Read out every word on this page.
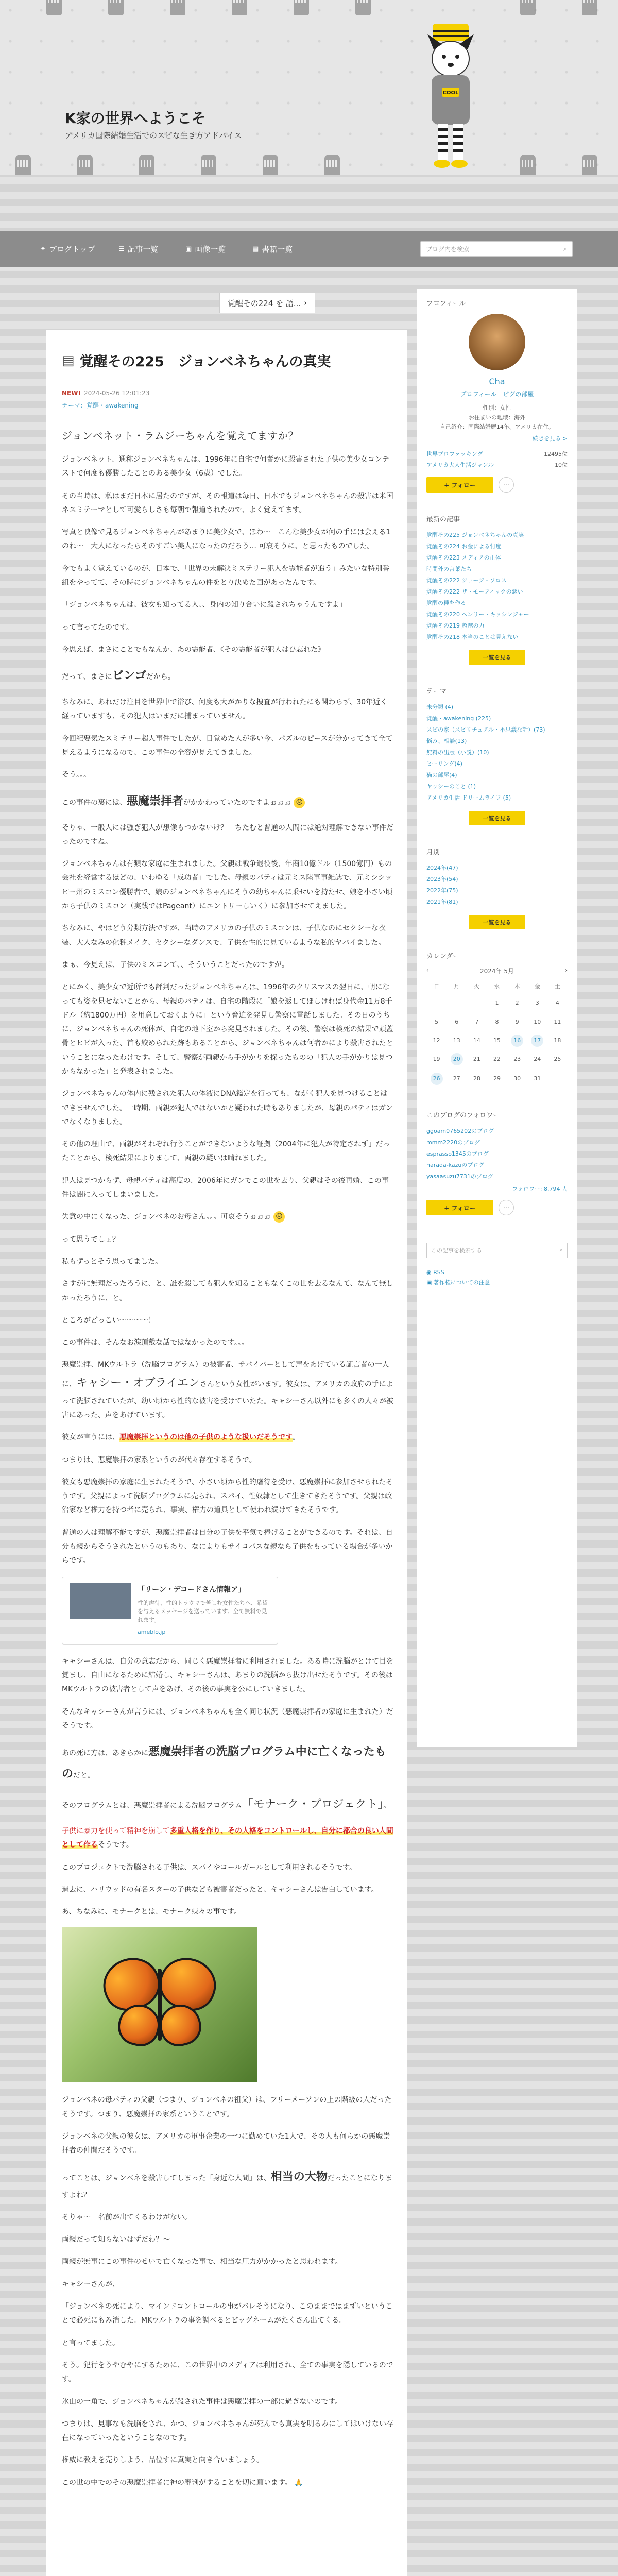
K家の世界へようこそ
アメリカ国際結婚生活でのスピな生き方アドバイス
COOL
✦ ブログトップ	☰ 記事一覧	▣ 画像一覧	▤ 書籍一覧	ブログ内を検索	⌕
覚醒その224 を 語... ›
▤ 覚醒その225　ジョンベネちゃんの真実
NEW! 2024-05-26 12:01:23
テーマ：覚醒・awakening

ジョンベネット・ラムジーちゃんを覚えてますか？

ジョンベネット、通称ジョンベネちゃんは、1996年に自宅で何者かに殺害された子供の美少女コンテストで何度も優勝したことのある美少女（6歳）でした。

その当時は、私はまだ日本に居たのですが、その報道は毎日、日本でもジョンベネちゃんの殺害は米国ネスミテーマとして可愛らしさも毎朝で報道されたので、よく覚えてます。

写真と映像で見るジョンベネちゃんがあまりに美少女で、ほわ〜　こんな美少女が何の手には会える1のね〜　大人になったらそのすごい美人になったのだろう… 可哀そうに、と思ったものでした。

今でもよく覚えているのが、日本で、「世界の未解決ミステリー犯人を霊能者が追う」みたいな特別番組をやってて、その時にジョンベネちゃんの件をとり決めた回があったんです。

「ジョンベネちゃんは、彼女も知ってる人、、身内の知り合いに殺されちゃうんですよ」

って言ってたのです。

今思えば、まさにことでもなんか、あの霊能者、《その霊能者が犯人はひ忘れた》

だって、まさにビンゴだから。

ちなみに、あれだけ注目を世界中で浴び、何度も大がかりな捜査が行われたにも関わらず、30年近く経っていますも、その犯人はいまだに捕まっていません。

今回紀要気たスミテリー超人事件でしたが、目覚めた人が多い今、パズルのピースが分かってきて全て見えるようになるので、この事件の全容が見えてきました。

そう。。。

この事件の裏には、悪魔崇拝者がかかわっていたのですよぉぉぉ ☹

そりゃ、一般人には強ぎ犯人が想像もつかないけ？　ちたむと普通の人間には絶対理解できない事件だったのですね。

ジョンベネちゃんは有類な家庭に生まれました。父親は戦争退役後、年商10億ドル（1500億円）もの会社を経営するほどの、いわゆる「成功者」でした。母親のパティは元ミス陸軍事雑誌で、元ミシシッピー州のミスコン優勝者で、娘のジョンベネちゃんにそうの幼ちゃんに乗せいを持たせ、娘を小さい頃から子供のミスコン（実践ではPageant）にエントリーしいく）に参加させてえました。

ちなみに、やはどう分類方法ですが、当時のアメリカの子供のミスコンは、子供なのにセクシーな衣装、大人なみの化粧メイク、セクシーなダンスで、子供を性的に見ているような私的ヤバイました。

まぁ、今見えば、子供のミスコンて、、そういうことだったのですが。

とにかく、美少女で近所でも評判だったジョンベネちゃんは、1996年のクリスマスの翌日に、朝になっても姿を見せないことから、母親のパティは、自宅の階段に「娘を返してほしければ身代金11万8千ドル（約1800万円）を用意しておくように」という脅迫を発見し警察に電話しました。その日のうちに、ジョンベネちゃんの死体が、自宅の地下室から発見されました。その後、警察は検死の結果で頭蓋骨とヒビが入った、首も絞められた跡もあることから、ジョンベネちゃんは何者かにより殺害されたということになったわけです。そして、警察が両親から手がかりを探ったものの「犯人の手がかりは見つからなかった」と発表されました。

ジョンベネちゃんの体内に残された犯人の体液にDNA鑑定を行っても、ながく犯人を見つけることはできませんでした。一時期、両親が犯人ではないかと疑われた時もありましたが、母親のパティはガンでなくなりました。

その他の理由で、両親がそれぞれ行うことができないような証拠（2004年に犯人が特定されず」だったことから、検死結果によりまして、両親の疑いは晴れました。

犯人は見つからず、母親パティは高度の、2006年にガンでこの世を去り、父親はその後再婚、この事件は闇に入ってしまいました。

失意の中にくなった、ジョンベネのお母さん。。。可哀そうぉぉぉ ☹

って思うでしょ？

私もずっとそう思ってました。

さすがに無理だったろうに、と、誰を殺しても犯人を知ることもなくこの世を去るなんて、なんて無しかったろうに、と。

ところがどっこい〜〜〜〜！

この事件は、そんなお涙頂戴な話ではなかったのです。。。

悪魔崇拝、MKウルトラ（洗脳プログラム）の被害者、サバイバーとして声をあげている証言者の一人に、キャシー・オブライエンさんという女性がいます。彼女は、アメリカの政府の手によって洗脳されていたが、幼い頃から性的な被害を受けていたた。キャシーさん以外にも多くの人々が被害にあった、声をあげています。

彼女が言うには、悪魔崇拝というのは他の子供のような扱いだそうです。

つまりは、悪魔崇拝の家系というのが代々存在するそうで。

彼女も悪魔崇拝の家庭に生まれたそうで、小さい頃から性的虐待を受け、悪魔崇拝に参加させられたそうです。父親によって洗脳プログラムに売られ、スパイ、性奴隷として生きてきたそうです。父親は政治家など権力を持つ者に売られ、事実、権力の道具として使われ続けてきたそうです。

普通の人は理解不能ですが、悪魔崇拝者は自分の子供を平気で捧げることができるのです。それは、自分も親からそうされたというのもあり、なによりもサイコパスな親なら子供をもっている場合が多いからです。

「リーン・デコードさん情報ア」
性的虐待、性的トラウマで苦しむ女性たちへ、希望を与えるメッセージを送っています。全て無料で見れます。
ameblo.jp

キャシーさんは、自分の意志だから、同じく悪魔崇拝者に利用されました。ある時に洗脳がとけて目を覚まし、自由になるために結婚し、キャシーさんは、あまりの洗脳から抜け出せたそうです。その後はMKウルトラの被害者として声をあげ、その後の事実を公にしていきました。

そんなキャシーさんが言うには、ジョンベネちゃんも全く同じ状況（悪魔崇拝者の家庭に生まれた）だそうです。

あの死に方は、あきらかに悪魔崇拝者の洗脳プログラム中に亡くなったものだと。

そのプログラムとは、悪魔崇拝者による洗脳プログラム「モナーク・プロジェクト」。

子供に暴力を使って精神を崩して多重人格を作り、その人格をコントロールし、自分に都合の良い人間として作るそうです。

このプロジェクトで洗脳される子供は、スパイやコールガールとして利用されるそうです。

過去に、ハリウッドの有名スターの子供なども被害者だったと、キャシーさんは告白しています。

あ、ちなみに、モナークとは、モナーク蝶々の事です。

ジョンベネの母パティの父親（つまり、ジョンベネの祖父）は、フリーメーソンの上の階級の人だったそうです。つまり、悪魔崇拝の家系ということです。

ジョンベネの父親の彼女は、アメリカの軍事企業の一つに勤めていた1人で、その人も何らかの悪魔崇拝者の仲間だそうです。

ってことは、ジョンベネを殺害してしまった「身近な人間」は、相当の大物だったことになりますよね？

そりゃ〜　名前が出てくるわけがない。

両親だって知らないはずだわ？〜

両親が無事にこの事件のせいで亡くなった事で、相当な圧力がかかったと思われます。

キャシーさんが、

「ジョンベネの死により、マインドコントロールの事がバレそうになり、このままではまずいということで必死にもみ消した。MKウルトラの事を調べるとビッグネームがたくさん出てくる。」

と言ってました。

そう。犯行をうやむやにするために、この世界中のメディアは利用され、全ての事実を隠しているのです。

氷山の一角で、ジョンベネちゃんが殺された事件は悪魔崇拝の一部に過ぎないのです。

つまりは、見事なも洗脳をされ、かつ、ジョンベネちゃんが死んでも真実を明るみにしてはいけない存在になっていったということなのです。

権威に教えを売りしよう、品位すに真実と向き合いましょう。

この世の中でのその悪魔崇拝者に神の審判がすることを切に願います。 🙏

プロフィール
Cha
プロフィール　ピグの部屋
性別：女性
お住まいの地域：海外
自己紹介：国際結婚歴14年。アメリカ在住。
続きを見る >
世界プロファッキング	12495位
アメリカ大人生活ジャンル	10位
+ フォロー	⋯
最新の記事
覚醒その225 ジョンベネちゃんの真実
覚醒その224 お金による忖度
覚醒その223 メディアの正体
時間外の言葉たち
覚醒その222 ジョージ・ソロス
覚醒その222 ザ・モーフィックの悪い
覚醒の種を作る
覚醒その220 ヘンリー・キッシンジャー
覚醒その219 超越の力
覚醒その218 本当のことは見えない
一覧を見る
テーマ
未分類 (4)
覚醒・awakening (225)
スピの家（スピリチュアル・不思議な話）(73)
悩み、相談(13)
無料の出版（小説）(10)
ヒーリング(4)
猫の部屋(4)
ヤッシーのこと (1)
アメリカ生活 ドリームライフ (5)
一覧を見る
月別
2024年(47)
2023年(54)
2022年(75)
2021年(81)
一覧を見る
カレンダー
‹	2024年 5月	›
日	月	火	水	木	金	土
			1	2	3	4
5	6	7	8	9	10	11
12	13	14	15	16	17	18
19	20	21	22	23	24	25
26	27	28	29	30	31	
このブログのフォロワー
ggoam0765202のブログ
mmm2220のブログ
esprasso1345のブログ
harada-kazuのブログ
yasaasuzu7731のブログ
フォロワー: 8,794 人
+ フォロー	⋯
この記事を検索する	⌕
◉ RSS
▣ 著作権についての注意
